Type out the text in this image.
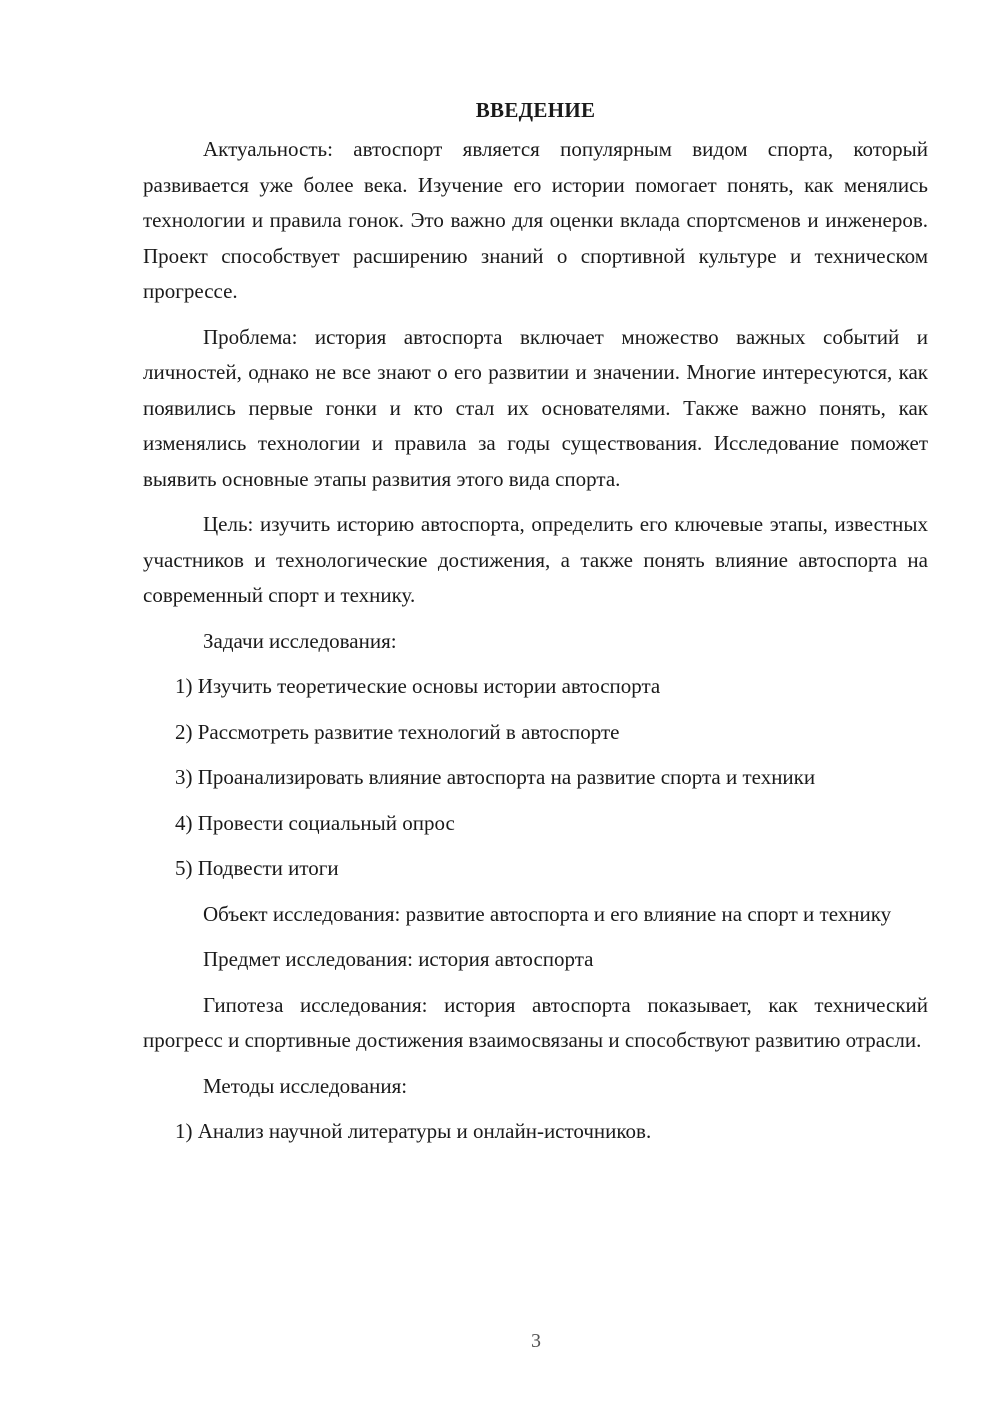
ВВЕДЕНИЕ

Актуальность: автоспорт является популярным видом спорта, который развивается уже более века. Изучение его истории помогает понять, как менялись технологии и правила гонок. Это важно для оценки вклада спортсменов и инженеров. Проект способствует расширению знаний о спортивной культуре и техническом прогрессе.

Проблема: история автоспорта включает множество важных событий и личностей, однако не все знают о его развитии и значении. Многие интересуются, как появились первые гонки и кто стал их основателями. Также важно понять, как изменялись технологии и правила за годы существования. Исследование поможет выявить основные этапы развития этого вида спорта.

Цель: изучить историю автоспорта, определить его ключевые этапы, известных участников и технологические достижения, а также понять влияние автоспорта на современный спорт и технику.

Задачи исследования:

1) Изучить теоретические основы истории автоспорта

2) Рассмотреть развитие технологий в автоспорте

3) Проанализировать влияние автоспорта на развитие спорта и техники

4) Провести социальный опрос

5) Подвести итоги

Объект исследования: развитие автоспорта и его влияние на спорт и технику

Предмет исследования: история автоспорта

Гипотеза исследования: история автоспорта показывает, как технический прогресс и спортивные достижения взаимосвязаны и способствуют развитию отрасли.

Методы исследования:

1) Анализ научной литературы и онлайн-источников.

3
